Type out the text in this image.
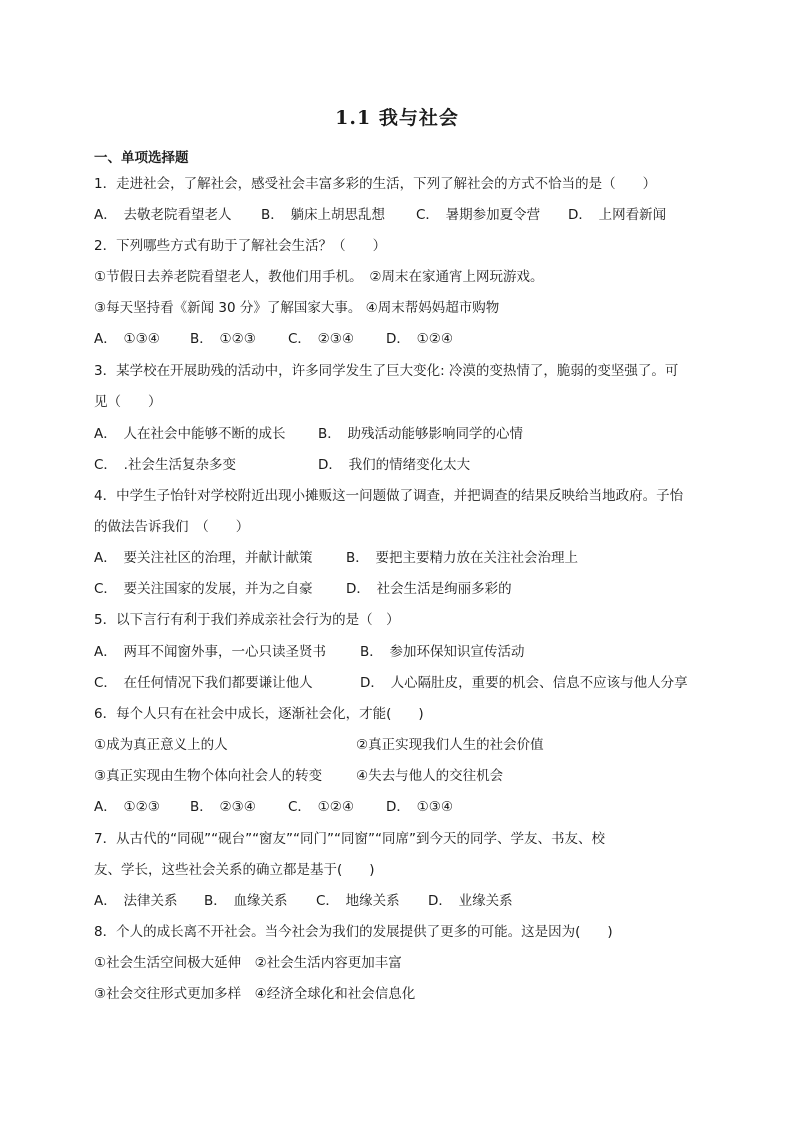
1.1 我与社会
一、单项选择题
1．走进社会，了解社会，感受社会丰富多彩的生活，下列了解社会的方式不恰当的是（　　）
A．　去敬老院看望老人 B．　躺床上胡思乱想 C．　暑期参加夏令营 D．　上网看新闻
2．下列哪些方式有助于了解社会生活？（　　）
①节假日去养老院看望老人，教他们用手机。　②周末在家通宵上网玩游戏。
③每天坚持看《新闻 30 分》了解国家大事。 ④周末帮妈妈超市购物
A．　①③④ B．　①②③ C．　②③④ D．　①②④
3．某学校在开展助残的活动中，许多同学发生了巨大变化: 冷漠的变热情了，脆弱的变坚强了。可
见（　　）
A．　人在社会中能够不断的成长 B．　助残活动能够影响同学的心情
C．　.社会生活复杂多变	D．　我们的情绪变化太大
4．中学生子怡针对学校附近出现小摊贩这一问题做了调查，并把调查的结果反映给当地政府。子怡
的做法告诉我们　（　　）
A．　要关注社区的治理，并献计献策 B．　要把主要精力放在关注社会治理上
C．　要关注国家的发展，并为之自豪 D．　社会生活是绚丽多彩的
5．以下言行有利于我们养成亲社会行为的是（　）
A．　两耳不闻窗外事，一心只读圣贤书	B．　参加环保知识宣传活动
C．　在任何情况下我们都要谦让他人	D．　人心隔肚皮，重要的机会、信息不应该与他人分享
6．每个人只有在社会中成长，逐渐社会化，才能(　　)
①成为真正意义上的人	②真正实现我们人生的社会价值
③真正实现由生物个体向社会人的转变	④失去与他人的交往机会
A．　①②③ B．　②③④ C．　①②④ D．　①③④
7．从古代的“同砚”“砚台”“窗友”“同门”“同窗”“同席”到今天的同学、学友、书友、校
友、学长，这些社会关系的确立都是基于(　　)
A．　法律关系 B．　血缘关系 C．　地缘关系 D．　业缘关系
8．个人的成长离不开社会。当今社会为我们的发展提供了更多的可能。这是因为(　　)
①社会生活空间极大延伸　②社会生活内容更加丰富
③社会交往形式更加多样　④经济全球化和社会信息化
